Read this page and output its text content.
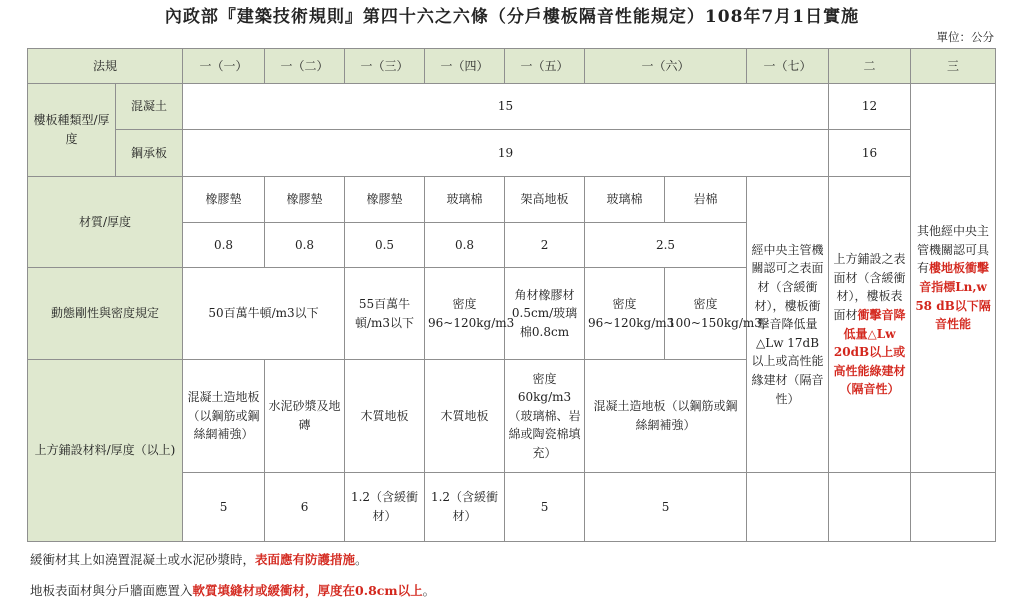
內政部『建築技術規則』第四十六之六條（分戶樓板隔音性能規定）108年7月1日實施
單位：公分
法規		一（一）	一（二）	一（三）	一（四）	一（五）	一（六）		一（七）	二	三	
樓板種類型/厚度	混凝土	15								12	其他經中央主管機關認可具有樓地板衝擊音指標Ln,w 58 dB以下隔音性能	
	鋼承板	19								16		
材質/厚度		橡膠墊	橡膠墊	橡膠墊	玻璃棉	架高地板	玻璃棉	岩棉	經中央主管機關認可之表面材（含緩衝材），樓板衝擊音降低量△Lw 17dB以上或高性能緣建材（隔音性）	上方鋪設之表面材（含緩衝材），樓板表面材衝擊音降低量△Lw 20dB以上或高性能綠建材（隔音性）		
		0.8	0.8	0.5	0.8	2	2.5					
動態剛性與密度規定		50百萬牛頓/m3以下		55百萬牛頓/m3以下	密度 96~120kg/m3	角材橡膠材0.5cm/玻璃棉0.8cm	密度 96~120kg/m3	密度 100~150kg/m3				
上方鋪設材料/厚度（以上)		混凝土造地板（以鋼筋或鋼絲網補強）	水泥砂漿及地磚	木質地板	木質地板	密度 60kg/m3（玻璃棉、岩綿或陶瓷棉填充）	混凝土造地板（以鋼筋或鋼絲網補強）					
		5	6	1.2（含緩衝材）	1.2（含緩衝材）	5	5					
緩衝材其上如澆置混凝土或水泥砂漿時，表面應有防護措施。
地板表面材與分戶牆面應置入軟質填縫材或緩衝材，厚度在0.8cm以上。
